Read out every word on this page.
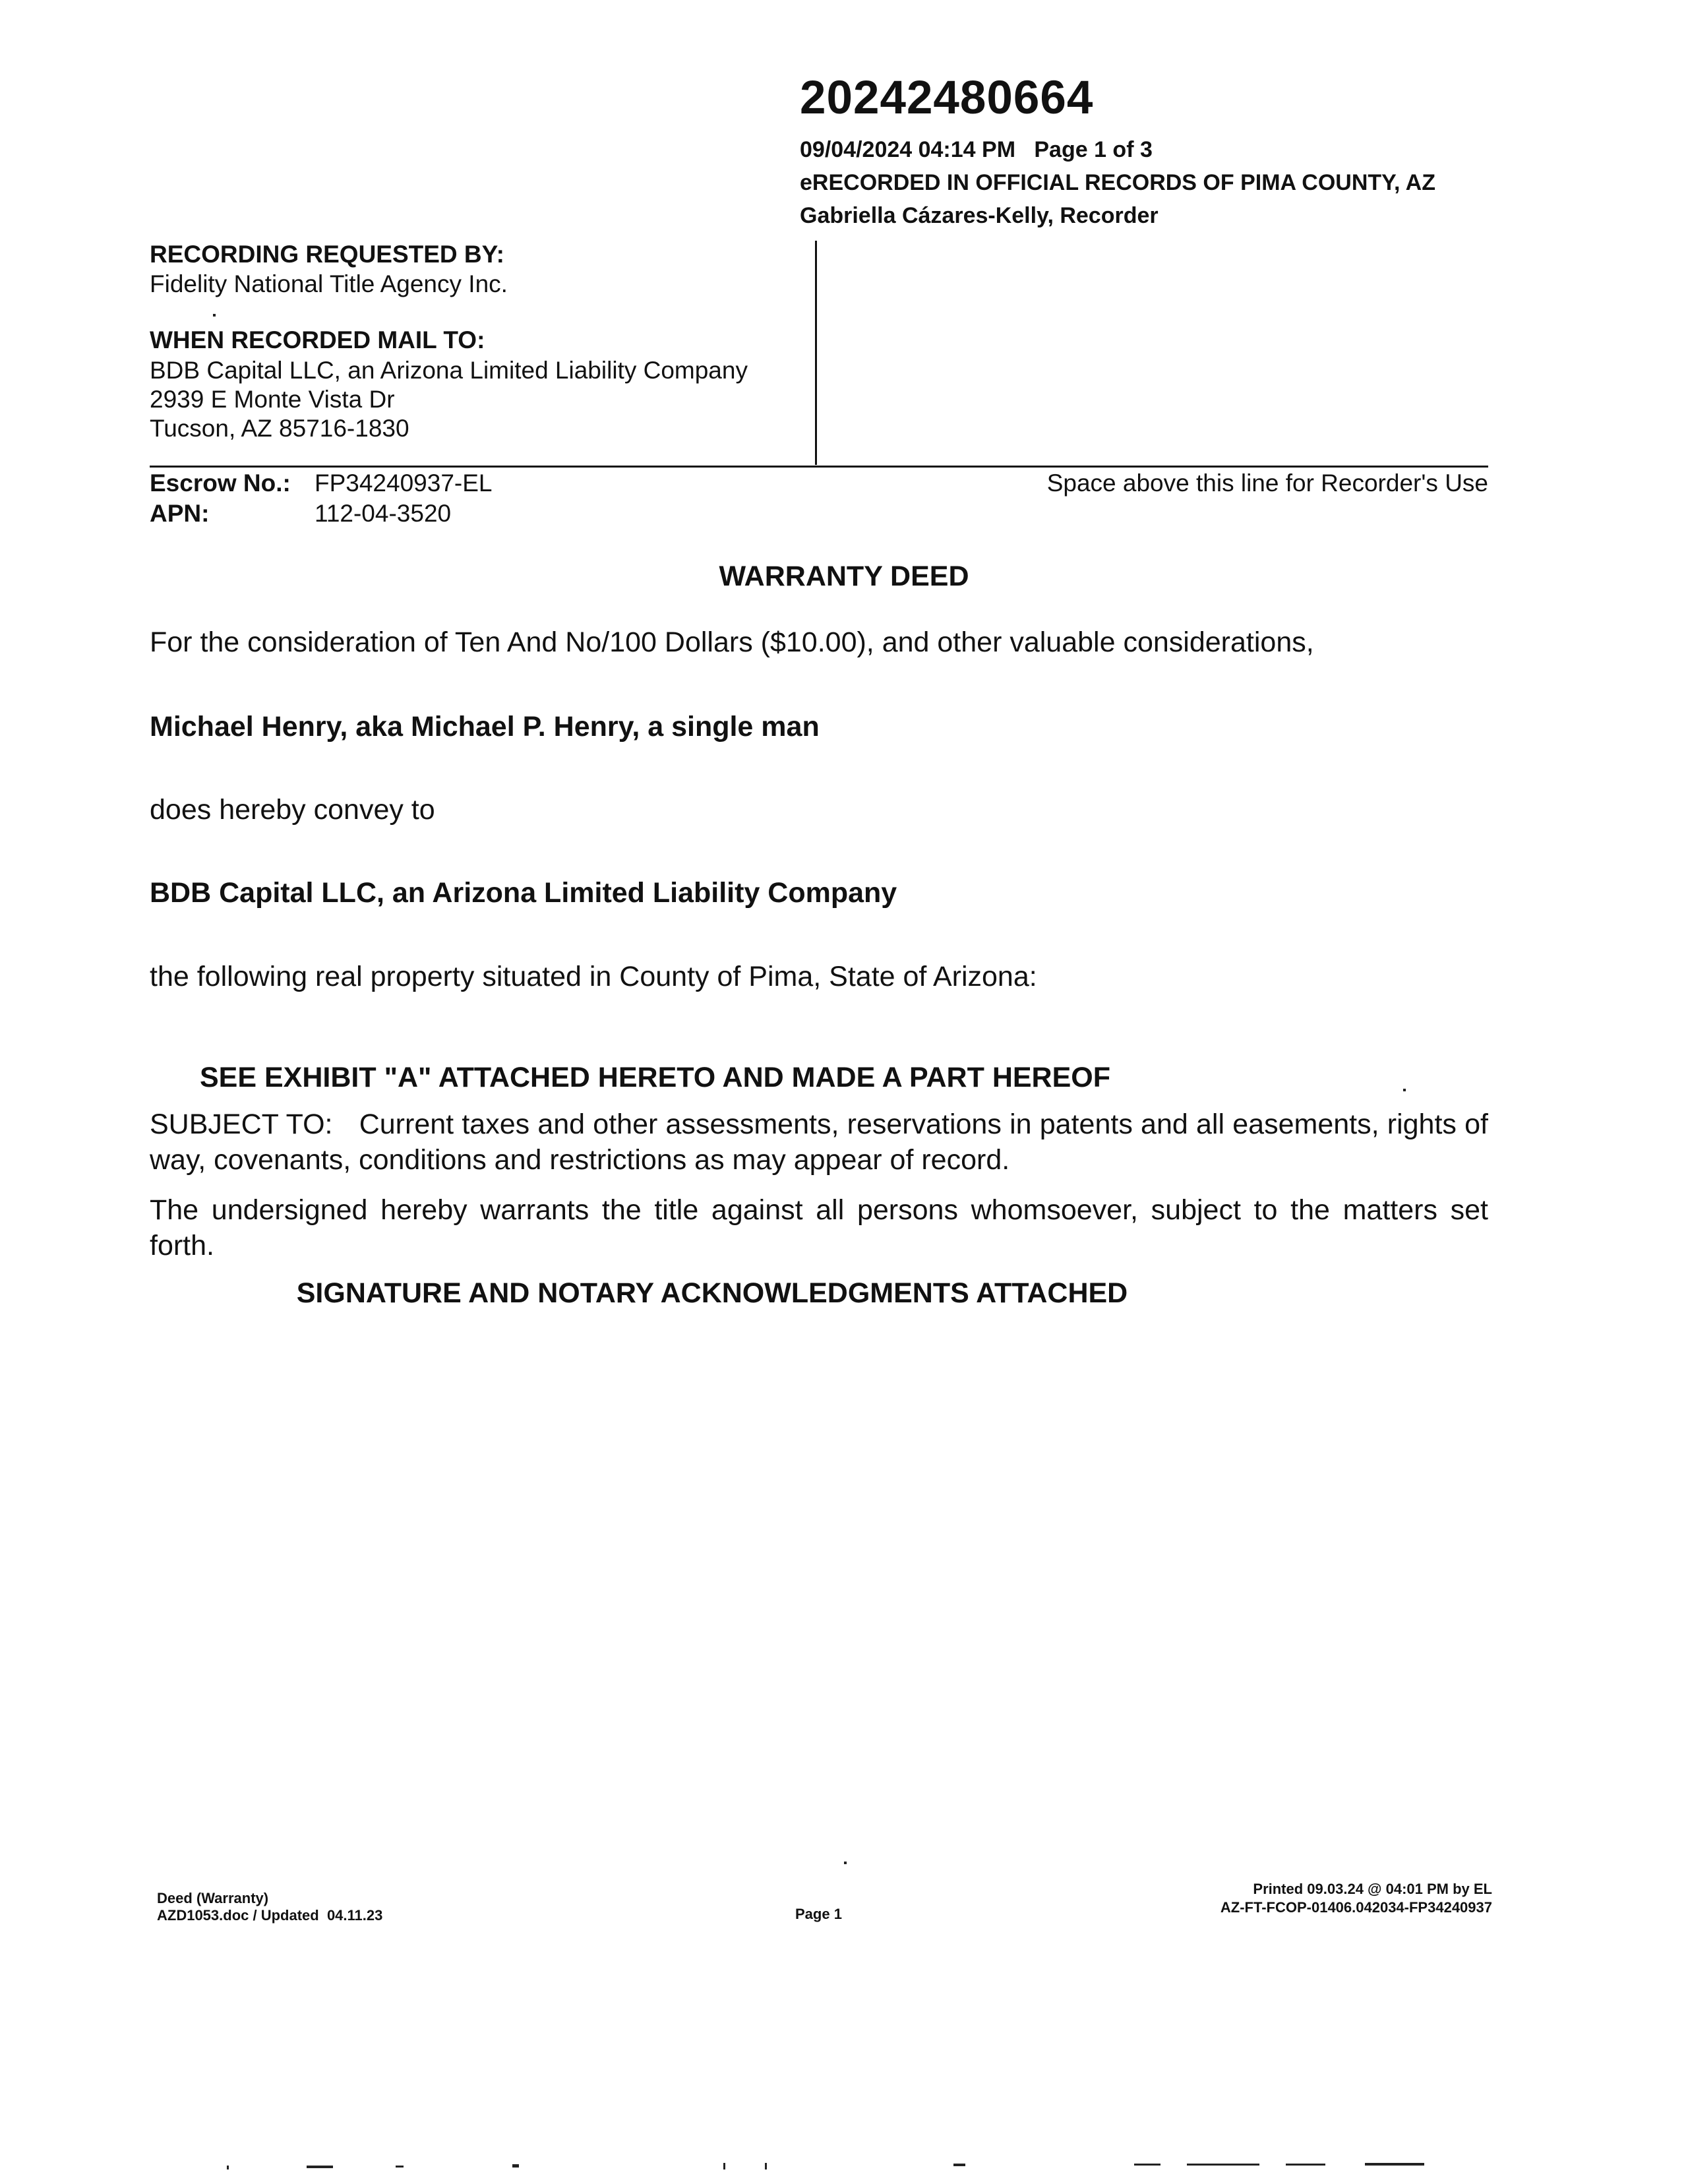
20242480664
09/04/2024 04:14 PM   Page 1 of 3
eRECORDED IN OFFICIAL RECORDS OF PIMA COUNTY, AZ
Gabriella Cázares-Kelly, Recorder
RECORDING REQUESTED BY:
Fidelity National Title Agency Inc.
WHEN RECORDED MAIL TO:
BDB Capital LLC, an Arizona Limited Liability Company
2939 E Monte Vista Dr
Tucson, AZ 85716-1830
Escrow No.: FP34240937-EL
APN:	112-04-3520
Space above this line for Recorder's Use
WARRANTY DEED
For the consideration of Ten And No/100 Dollars ($10.00), and other valuable considerations,
Michael Henry, aka Michael P. Henry, a single man
does hereby convey to
BDB Capital LLC, an Arizona Limited Liability Company
the following real property situated in County of Pima, State of Arizona:
SEE EXHIBIT "A" ATTACHED HERETO AND MADE A PART HEREOF
SUBJECT TO: Current taxes and other assessments, reservations in patents and all easements, rights of way, covenants, conditions and restrictions as may appear of record.
The undersigned hereby warrants the title against all persons whomsoever, subject to the matters set forth.
SIGNATURE AND NOTARY ACKNOWLEDGMENTS ATTACHED
Deed (Warranty)
AZD1053.doc / Updated  04.11.23	Page 1
Printed 09.03.24 @ 04:01 PM by EL
AZ-FT-FCOP-01406.042034-FP34240937
